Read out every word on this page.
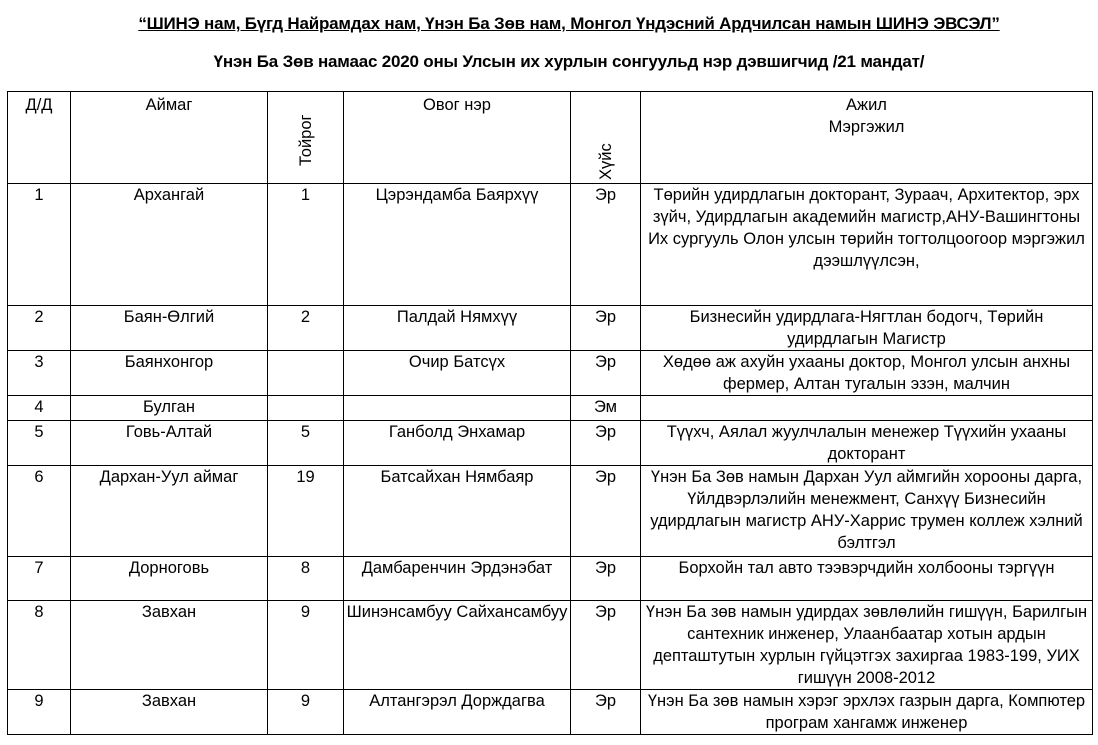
“ШИНЭ нам, Бүгд Найрамдах нам, Үнэн Ба Зөв нам, Монгол Үндэсний Ардчилсан намын ШИНЭ ЭВСЭЛ”
Үнэн Ба Зөв намаас 2020 оны Улсын их хурлын сонгуульд нэр дэвшигчид /21 мандат/
Д/Д	Аймаг	Тойрог	Овог нэр	Хүйс	Ажил
Мэргэжил

1	Архангай	1	Цэрэндамба Баярхүү	Эр	Төрийн удирдлагын докторант, Зураач, Архитектор, эрх зүйч, Удирдлагын академийн магистр,АНУ-Вашингтоны Их сургууль Олон улсын төрийн тогтолцоогоор мэргэжил дээшлүүлсэн,
2	Баян-Өлгий	2	Палдай Нямхүү	Эр	Бизнесийн удирдлага-Нягтлан бодогч, Төрийн удирдлагын Магистр
3	Баянхонгор		Очир Батсүх	Эр	Хөдөө аж ахуйн ухааны доктор, Монгол улсын анхны фермер, Алтан тугалын эзэн, малчин
4	Булган			Эм	
5	Говь-Алтай	5	Ганболд Энхамар	Эр	Түүхч, Аялал жуулчлалын менежер Түүхийн ухааны докторант
6	Дархан-Уул аймаг	19	Батсайхан Нямбаяр	Эр	Үнэн Ба Зөв намын Дархан Уул аймгийн хорооны дарга, Үйлдвэрлэлийн менежмент, Санхүү Бизнесийн удирдлагын магистр АНУ-Харрис трумен коллеж хэлний бэлтгэл
7	Дорноговь	8	Дамбаренчин Эрдэнэбат	Эр	Борхойн тал авто тээвэрчдийн холбооны тэргүүн
8	Завхан	9	Шинэнсамбуу Сайхансамбуу	Эр	Үнэн Ба зөв намын удирдах зөвлөлийн гишүүн, Барилгын сантехник инженер, Улаанбаатар хотын ардын депташтутын хурлын гүйцэтгэх захиргаа 1983-199, УИХ гишүүн 2008-2012
9	Завхан	9	Алтангэрэл Дорждагва	Эр	Үнэн Ба зөв намын хэрэг эрхлэх газрын дарга, Компютер програм хангамж инженер
